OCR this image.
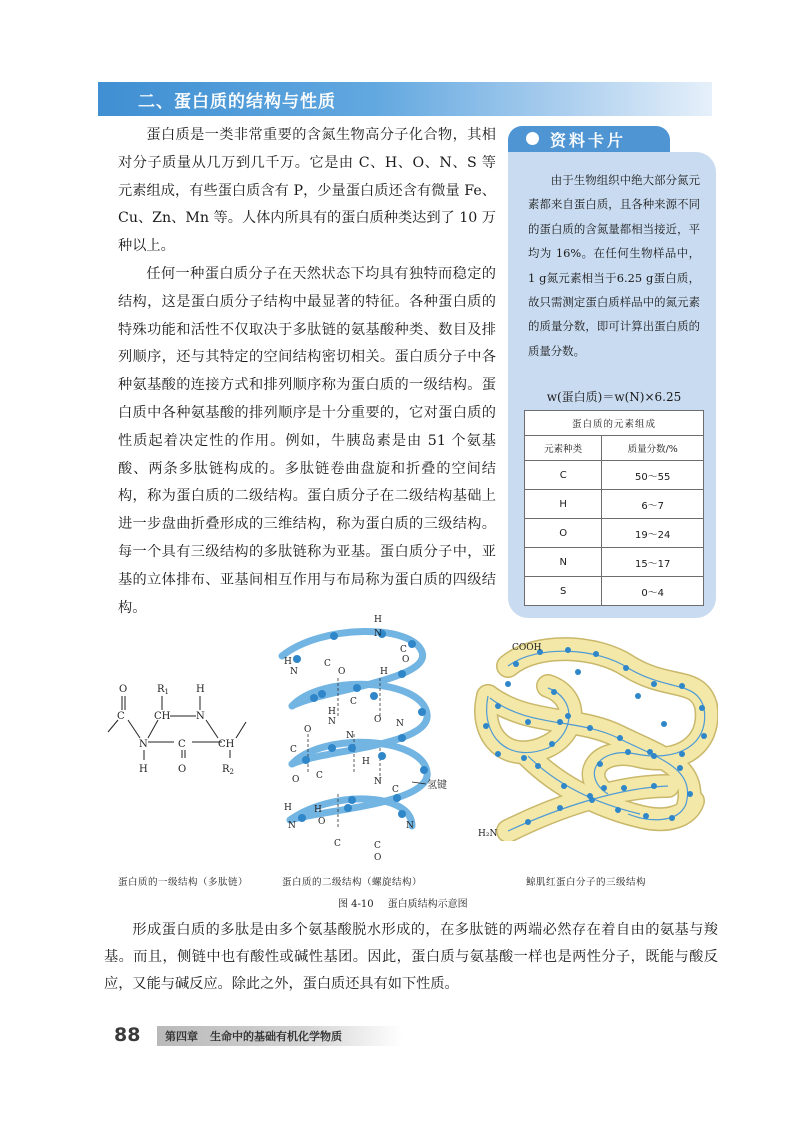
二、蛋白质的结构与性质

蛋白质是一类非常重要的含氮生物高分子化合物，其相对分子质量从几万到几千万。它是由 C、H、O、N、S 等元素组成，有些蛋白质含有 P，少量蛋白质还含有微量 Fe、Cu、Zn、Mn 等。人体内所具有的蛋白质种类达到了 10 万种以上。

任何一种蛋白质分子在天然状态下均具有独特而稳定的结构，这是蛋白质分子结构中最显著的特征。各种蛋白质的特殊功能和活性不仅取决于多肽链的氨基酸种类、数目及排列顺序，还与其特定的空间结构密切相关。蛋白质分子中各种氨基酸的连接方式和排列顺序称为蛋白质的一级结构。蛋白质中各种氨基酸的排列顺序是十分重要的，它对蛋白质的性质起着决定性的作用。例如，牛胰岛素是由 51 个氨基酸、两条多肽链构成的。多肽链卷曲盘旋和折叠的空间结构，称为蛋白质的二级结构。蛋白质分子在二级结构基础上进一步盘曲折叠形成的三维结构，称为蛋白质的三级结构。每一个具有三级结构的多肽链称为亚基。蛋白质分子中，亚基的立体排布、亚基间相互作用与布局称为蛋白质的四级结构。

资料卡片

由于生物组织中绝大部分氮元素都来自蛋白质，且各种来源不同的蛋白质的含氮量都相当接近，平均为 16%。在任何生物样品中，1 g氮元素相当于6.25 g蛋白质，故只需测定蛋白质样品中的氮元素的质量分数，即可计算出蛋白质的质量分数。

w(蛋白质)＝w(N)×6.25
蛋白质的元素组成	
元素种类	质量分数/%
C	50～55
H	6～7
O	19～24
N	15～17
S	0～4
O
C
$R_1$
CH
H
N
N
H
C
O
CH
$R_2$
H
N
H
N
C
O
C
O
H
C
H
N	O N
C
N
O
H
O C
N
C
H H
O
N	N
C
O
C
氢键
COOH
H₂N
蛋白质的一级结构（多肽链）	蛋白质的二级结构（螺旋结构）	鲸肌红蛋白分子的三级结构
图 4-10 蛋白质结构示意图

形成蛋白质的多肽是由多个氨基酸脱水形成的，在多肽链的两端必然存在着自由的氨基与羧基。而且，侧链中也有酸性或碱性基团。因此，蛋白质与氨基酸一样也是两性分子，既能与酸反应，又能与碱反应。除此之外，蛋白质还具有如下性质。

88 第四章 生命中的基础有机化学物质
